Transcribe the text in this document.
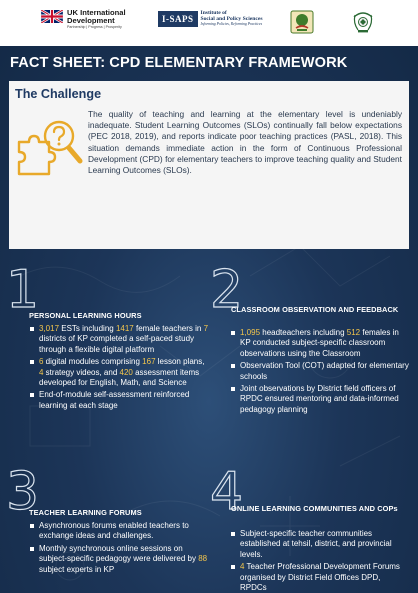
UK International
Development
Partnership | Progress | Prosperity
I-SAPS
Institute of
Social and Policy Sciences
Informing Policies, Reforming Practices
FACT SHEET: CPD ELEMENTARY FRAMEWORK
The Challenge
The quality of teaching and learning at the elementary level is undeniably inadequate. Student Learning Outcomes (SLOs) continually fall below expectations (PEC 2018, 2019), and reports indicate poor teaching practices (PASL, 2018). This situation demands immediate action in the form of Continuous Professional Development (CPD) for elementary teachers to improve teaching quality and Student Learning Outcomes (SLOs).
1
PERSONAL LEARNING HOURS
3,017 ESTs including 1417 female teachers in 7 districts of KP completed a self-paced study through a flexible digital platform
6 digital modules comprising 167 lesson plans, 4 strategy videos, and 420 assessment items developed for English, Math, and Science
End-of-module self-assessment reinforced learning at each stage
2
CLASSROOM OBSERVATION AND FEEDBACK
1,095 headteachers including 512 females in KP conducted subject-specific classroom observations using the Classroom
Observation Tool (COT) adapted for elementary schools
Joint observations by District field officers of RPDC ensured mentoring and data-informed pedagogy planning
3
TEACHER LEARNING FORUMS
Asynchronous forums enabled teachers to exchange ideas and challenges.
Monthly synchronous online sessions on subject-specific pedagogy were delivered by 88 subject experts in KP
4
ONLINE LEARNING COMMUNITIES AND COPs
Subject-specific teacher communities established at tehsil, district, and provincial levels.
4 Teacher Professional Development Forums organised by District Field Offices DPD, RPDCs
